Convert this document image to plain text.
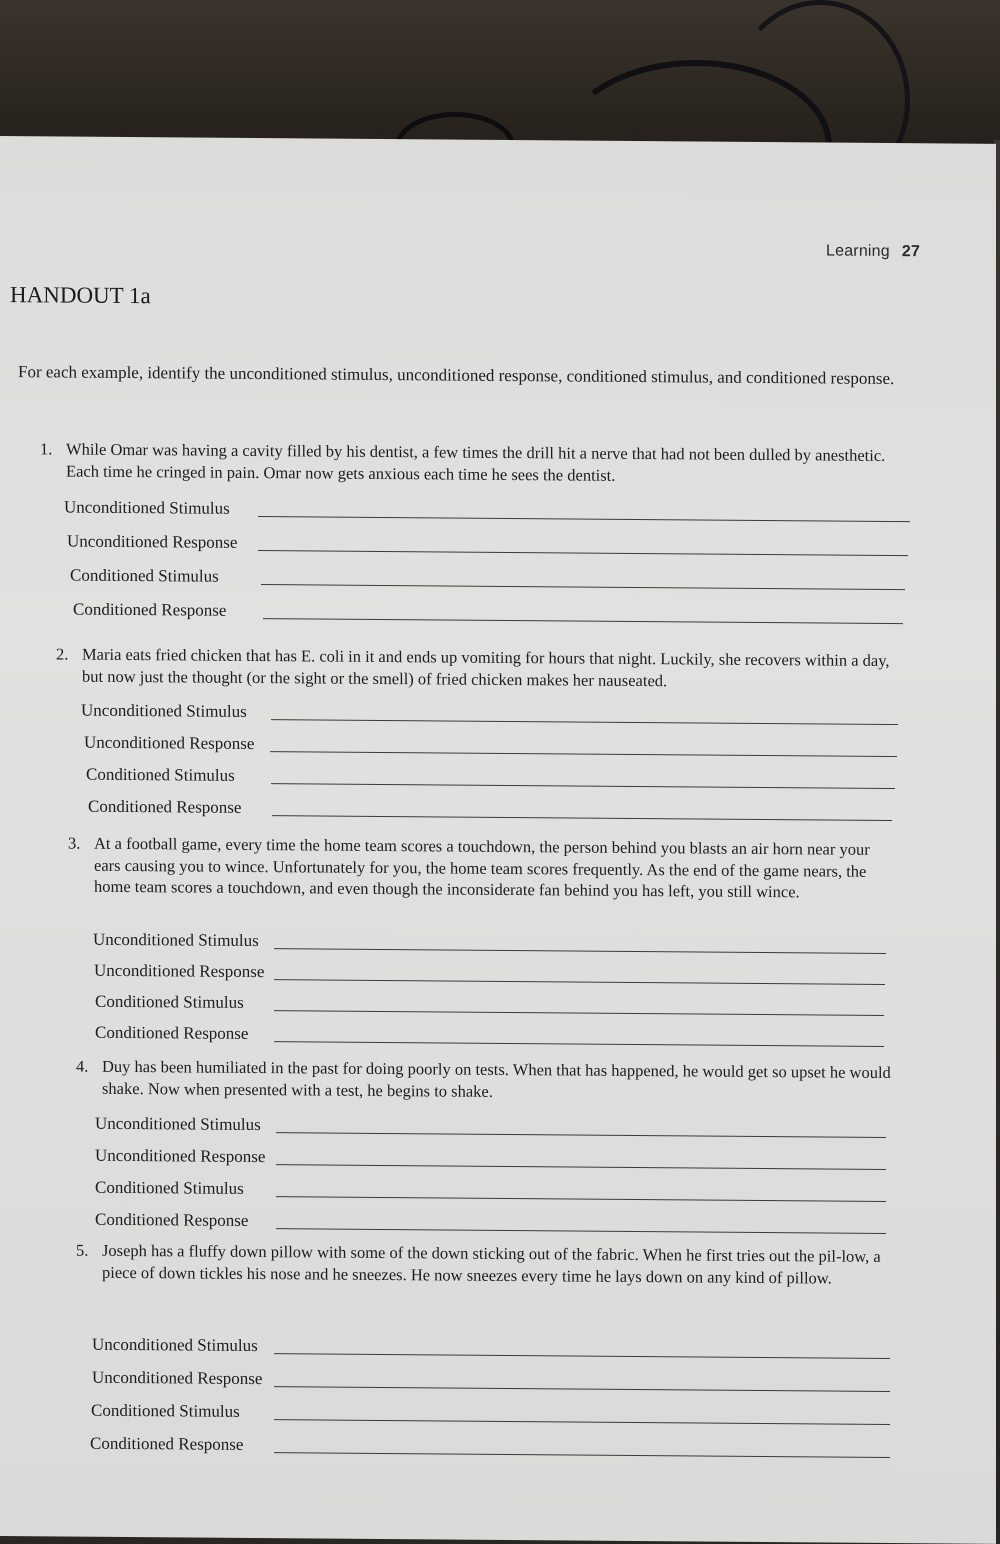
Learning 27
HANDOUT 1a
For each example, identify the unconditioned stimulus, unconditioned response, conditioned stimulus, and conditioned response.
1. While Omar was having a cavity filled by his dentist, a few times the drill hit a nerve that had not been dulled by anesthetic. Each time he cringed in pain. Omar now gets anxious each time he sees the dentist.
Unconditioned Stimulus
Unconditioned Response
Conditioned Stimulus
Conditioned Response
2. Maria eats fried chicken that has E. coli in it and ends up vomiting for hours that night. Luckily, she recovers within a day, but now just the thought (or the sight or the smell) of fried chicken makes her nauseated.
Unconditioned Stimulus
Unconditioned Response
Conditioned Stimulus
Conditioned Response
3. At a football game, every time the home team scores a touchdown, the person behind you blasts an air horn near your ears causing you to wince. Unfortunately for you, the home team scores frequently. As the end of the game nears, the home team scores a touchdown, and even though the inconsiderate fan behind you has left, you still wince.
Unconditioned Stimulus
Unconditioned Response
Conditioned Stimulus
Conditioned Response
4. Duy has been humiliated in the past for doing poorly on tests. When that has happened, he would get so upset he would shake. Now when presented with a test, he begins to shake.
Unconditioned Stimulus
Unconditioned Response
Conditioned Stimulus
Conditioned Response
5. Joseph has a fluffy down pillow with some of the down sticking out of the fabric. When he first tries out the pil-low, a piece of down tickles his nose and he sneezes. He now sneezes every time he lays down on any kind of pillow.
Unconditioned Stimulus
Unconditioned Response
Conditioned Stimulus
Conditioned Response
